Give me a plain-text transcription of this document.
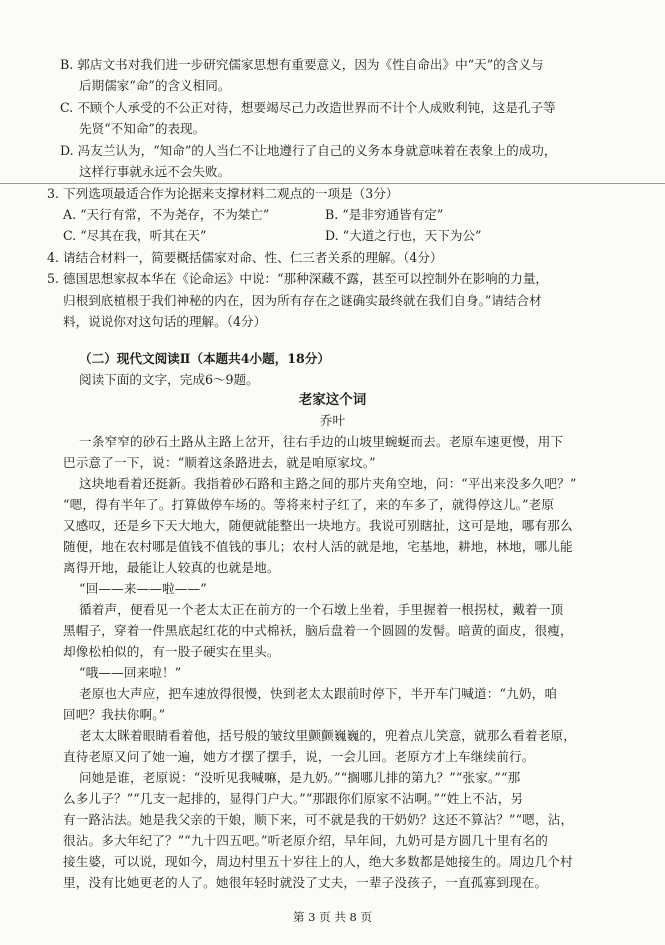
B. 郭店文书对我们进一步研究儒家思想有重要意义，因为《性自命出》中“天”的含义与
后期儒家“命”的含义相同。
C. 不顾个人承受的不公正对待，想要竭尽己力改造世界而不计个人成败利钝，这是孔子等
先贤“不知命”的表现。
D. 冯友兰认为，“知命”的人当仁不让地遵行了自己的义务本身就意味着在表象上的成功，
这样行事就永远不会失败。
3. 下列选项最适合作为论据来支撑材料二观点的一项是（3分）
A. “天行有常，不为尧存，不为桀亡”	B. “是非穷通皆有定”
C. “尽其在我，听其在天”	D. “大道之行也，天下为公”
4. 请结合材料一，简要概括儒家对命、性、仁三者关系的理解。（4分）
5. 德国思想家叔本华在《论命运》中说：“那种深藏不露，甚至可以控制外在影响的力量，
归根到底植根于我们神秘的内在，因为所有存在之谜确实最终就在我们自身。”请结合材
料，说说你对这句话的理解。（4分）
（二）现代文阅读Ⅱ（本题共4小题，18分）
阅读下面的文字，完成6～9题。
老家这个词
乔叶
一条窄窄的砂石土路从主路上岔开，往右手边的山坡里蜿蜒而去。老原车速更慢，用下
巴示意了一下，说：“顺着这条路进去，就是咱原家坟。”
这块地看着还挺新。我指着砂石路和主路之间的那片夹角空地，问：“平出来没多久吧？”
“嗯，得有半年了。打算做停车场的。等将来村子红了，来的车多了，就得停这儿。”老原
又感叹，还是乡下天大地大，随便就能整出一块地方。我说可别瞎扯，这可是地，哪有那么
随便，地在农村哪是值钱不值钱的事儿；农村人活的就是地，宅基地，耕地，林地，哪儿能
离得开地，最能让人较真的也就是地。
“回——来——啦——”
循着声，便看见一个老太太正在前方的一个石墩上坐着，手里握着一根拐杖，戴着一顶
黑帽子，穿着一件黑底起红花的中式棉袄，脑后盘着一个圆圆的发髻。暗黄的面皮，很瘦，
却像松柏似的，有一股子硬实在里头。
“哦——回来啦！”
老原也大声应，把车速放得很慢，快到老太太跟前时停下，半开车门喊道：“九奶，咱
回吧？我扶你啊。”
老太太眯着眼睛看着他，括号般的皱纹里颤颤巍巍的，兜着点儿笑意，就那么看着老原，
直待老原又问了她一遍，她方才摆了摆手，说，一会儿回。老原方才上车继续前行。
问她是谁，老原说：“没听见我喊嘛，是九奶。”“搁哪儿排的第九？”“张家。”“那
么多儿子？”“几支一起排的，显得门户大。”“那跟你们原家不沾啊。”“姓上不沾，另
有一路沾法。她是我父亲的干娘，顺下来，可不就是我的干奶奶？这还不算沾？”“嗯，沾，
很沾。多大年纪了？”“九十四五吧。”听老原介绍，早年间，九奶可是方圆几十里有名的
接生婆，可以说，现如今，周边村里五十岁往上的人，绝大多数都是她接生的。周边几个村
里，没有比她更老的人了。她很年轻时就没了丈夫，一辈子没孩子，一直孤寡到现在。
第 3 页 共 8 页
